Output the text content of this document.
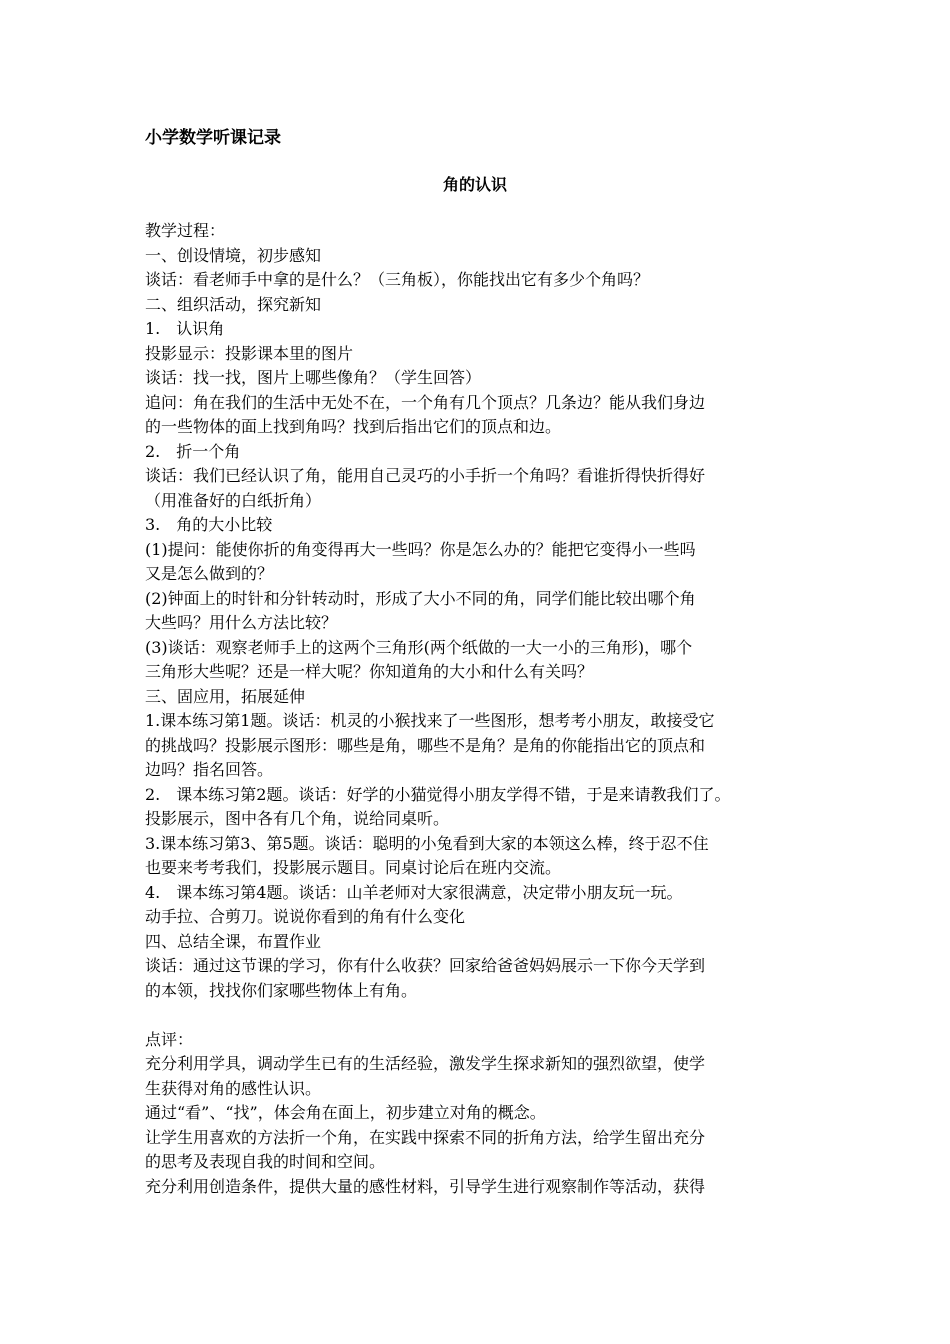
小学数学听课记录
角的认识
教学过程：
一、创设情境，初步感知
谈话：看老师手中拿的是什么？（三角板），你能找出它有多少个角吗？
二、组织活动，探究新知
1.　认识角
投影显示：投影课本里的图片
谈话：找一找，图片上哪些像角？（学生回答）
追问：角在我们的生活中无处不在，一个角有几个顶点？几条边？能从我们身边
的一些物体的面上找到角吗？找到后指出它们的顶点和边。
2.　折一个角
谈话：我们已经认识了角，能用自己灵巧的小手折一个角吗？看谁折得快折得好
（用准备好的白纸折角）
3.　角的大小比较
(1)提问：能使你折的角变得再大一些吗？你是怎么办的？能把它变得小一些吗
又是怎么做到的？
(2)钟面上的时针和分针转动时，形成了大小不同的角，同学们能比较出哪个角
大些吗？用什么方法比较？
(3)谈话：观察老师手上的这两个三角形(两个纸做的一大一小的三角形)，哪个
三角形大些呢？还是一样大呢？你知道角的大小和什么有关吗？
三、固应用，拓展延伸
1.课本练习第1题。谈话：机灵的小猴找来了一些图形，想考考小朋友，敢接受它
的挑战吗？投影展示图形：哪些是角，哪些不是角？是角的你能指出它的顶点和
边吗？指名回答。
2.　课本练习第2题。谈话：好学的小猫觉得小朋友学得不错，于是来请教我们了。
投影展示，图中各有几个角，说给同桌听。
3.课本练习第3、第5题。谈话：聪明的小兔看到大家的本领这么棒，终于忍不住
也要来考考我们，投影展示题目。同桌讨论后在班内交流。
4.　课本练习第4题。谈话：山羊老师对大家很满意，决定带小朋友玩一玩。
动手拉、合剪刀。说说你看到的角有什么变化
四、总结全课，布置作业
谈话：通过这节课的学习，你有什么收获？回家给爸爸妈妈展示一下你今天学到
的本领，找找你们家哪些物体上有角。
点评：
充分利用学具，调动学生已有的生活经验，激发学生探求新知的强烈欲望，使学
生获得对角的感性认识。
通过“看”、“找”，体会角在面上，初步建立对角的概念。
让学生用喜欢的方法折一个角，在实践中探索不同的折角方法，给学生留出充分
的思考及表现自我的时间和空间。
充分利用创造条件，提供大量的感性材料，引导学生进行观察制作等活动，获得
